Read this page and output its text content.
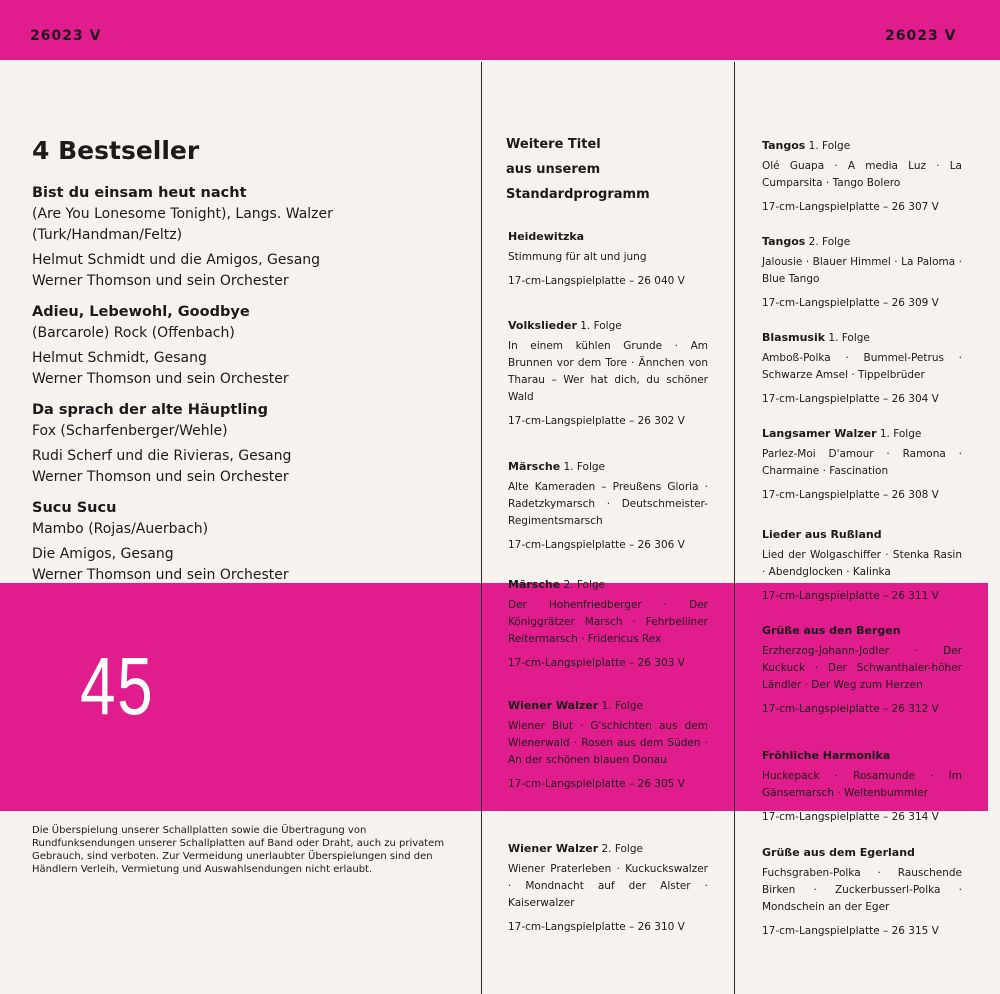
26023 V	26023 V
4 Bestseller
Bist du einsam heut nacht
(Are You Lonesome Tonight), Langs. Walzer
(Turk/Handman/Feltz)
Helmut Schmidt und die Amigos, Gesang
Werner Thomson und sein Orchester
Adieu, Lebewohl, Goodbye
(Barcarole) Rock (Offenbach)
Helmut Schmidt, Gesang
Werner Thomson und sein Orchester
Da sprach der alte Häuptling
Fox (Scharfenberger/Wehle)
Rudi Scherf und die Rivieras, Gesang
Werner Thomson und sein Orchester
Sucu Sucu
Mambo (Rojas/Auerbach)
Die Amigos, Gesang
Werner Thomson und sein Orchester
45
Die Überspielung unserer Schallplatten sowie die Übertragung von Rundfunksendungen unserer Schallplatten auf Band oder Draht, auch zu privatem Gebrauch, sind verboten. Zur Vermeidung unerlaubter Überspielungen sind den Händlern Verleih, Vermietung und Auswahlsendungen nicht erlaubt.
Weitere Titel
aus unserem
Standardprogramm
Heidewitzka
Stimmung für alt und jung
17-cm-Langspielplatte – 26 040 V
Volkslieder 1. Folge
In einem kühlen Grunde · Am Brunnen vor dem Tore · Ännchen von Tharau – Wer hat dich, du schöner Wald
17-cm-Langspielplatte – 26 302 V
Märsche 1. Folge
Alte Kameraden – Preußens Gloria · Radetzkymarsch · Deutschmeister-Regimentsmarsch
17-cm-Langspielplatte – 26 306 V
Märsche 2. Folge
Der Hohenfriedberger · Der Königgrätzer Marsch · Fehrbelliner Reitermarsch · Fridericus Rex
17-cm-Langspielplatte – 26 303 V
Wiener Walzer 1. Folge
Wiener Blut · G'schichten aus dem Wienerwald · Rosen aus dem Süden · An der schönen blauen Donau
17-cm-Langspielplatte – 26 305 V
Wiener Walzer 2. Folge
Wiener Praterleben · Kuckuckswalzer · Mondnacht auf der Alster · Kaiserwalzer
17-cm-Langspielplatte – 26 310 V
Tangos 1. Folge
Olé Guapa · A media Luz · La Cumparsita · Tango Bolero
17-cm-Langspielplatte – 26 307 V
Tangos 2. Folge
Jalousie · Blauer Himmel · La Paloma · Blue Tango
17-cm-Langspielplatte – 26 309 V
Blasmusik 1. Folge
Amboß-Polka · Bummel-Petrus · Schwarze Amsel · Tippelbrüder
17-cm-Langspielplatte – 26 304 V
Langsamer Walzer 1. Folge
Parlez-Moi D'amour · Ramona · Charmaine · Fascination
17-cm-Langspielplatte – 26 308 V
Lieder aus Rußland
Lied der Wolgaschiffer · Stenka Rasin · Abendglocken · Kalinka
17-cm-Langspielplatte – 26 311 V
Grüße aus den Bergen
Erzherzog-Johann-Jodler · Der Kuckuck · Der Schwanthaler-höher Ländler · Der Weg zum Herzen
17-cm-Langspielplatte – 26 312 V
Fröhliche Harmonika
Huckepack · Rosamunde · Im Gänsemarsch · Weltenbummler
17-cm-Langspielplatte – 26 314 V
Grüße aus dem Egerland
Fuchsgraben-Polka · Rauschende Birken · Zuckerbusserl-Polka · Mondschein an der Eger
17-cm-Langspielplatte – 26 315 V
